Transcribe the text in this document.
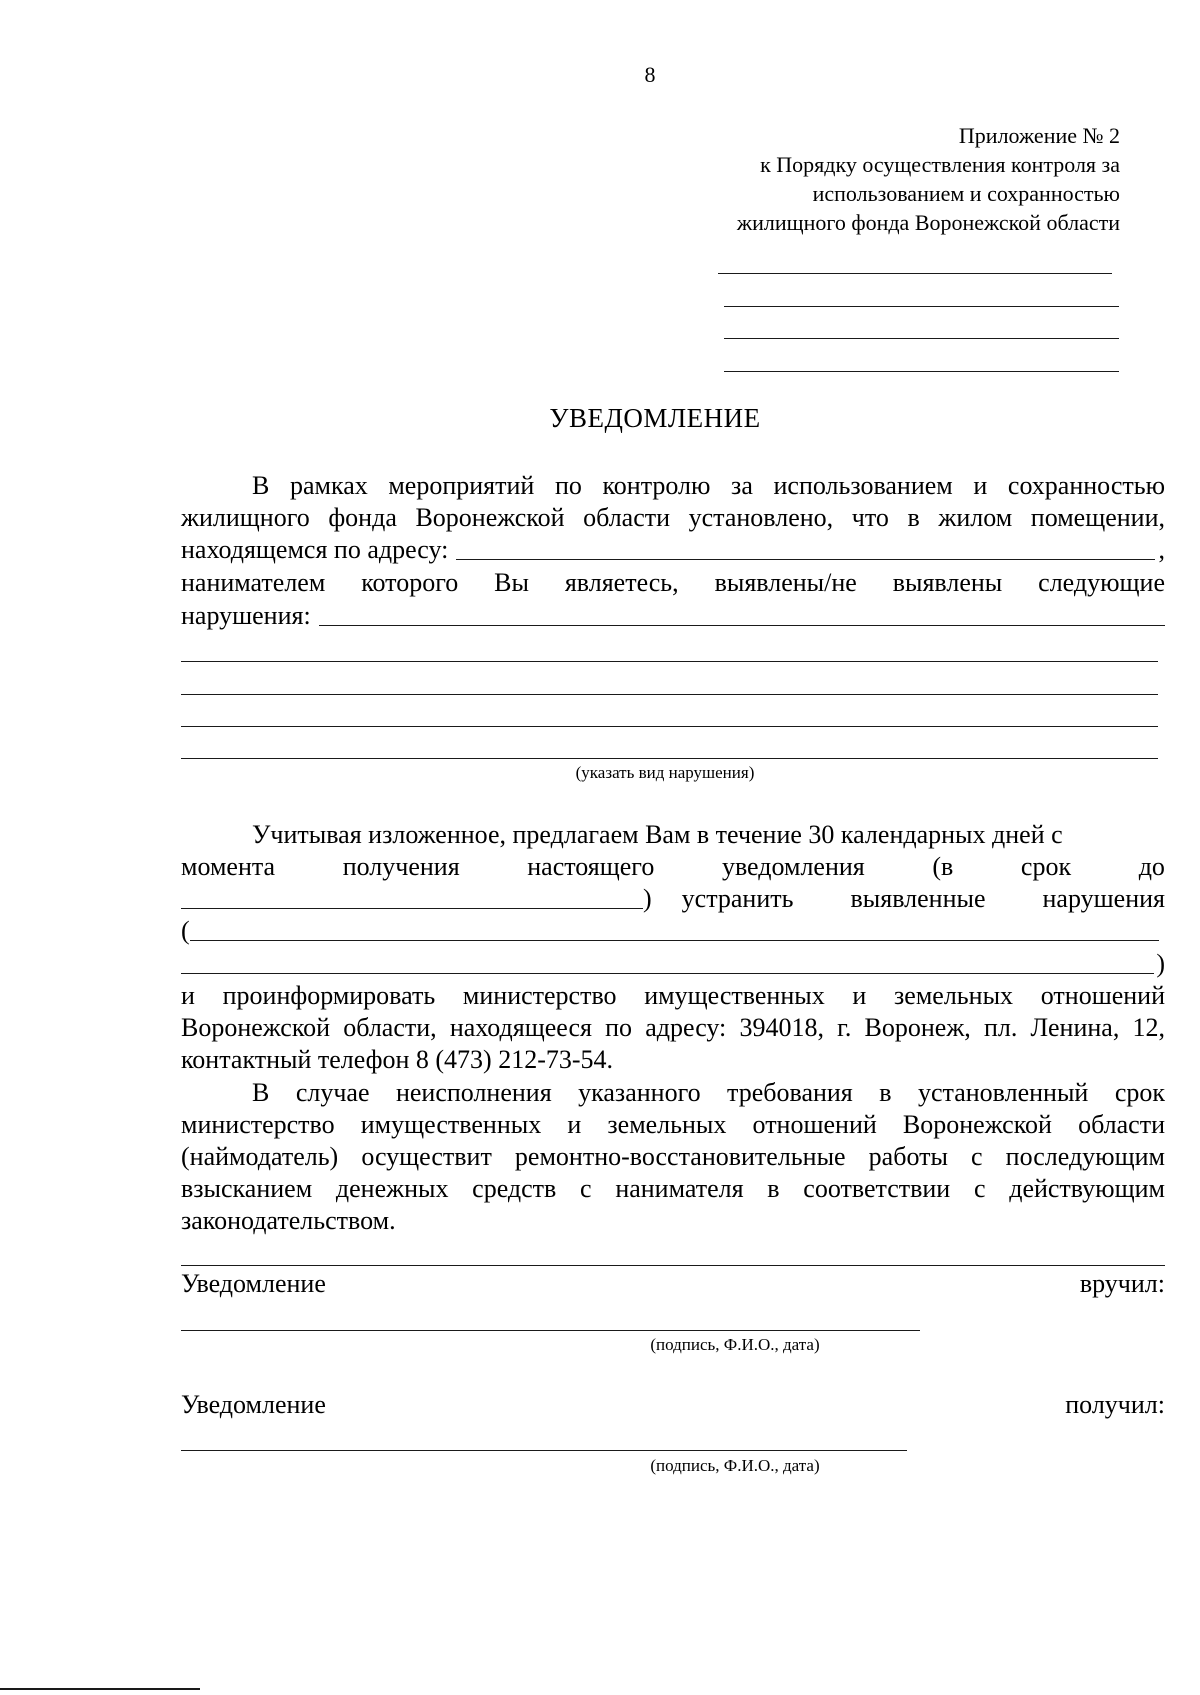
8
Приложение № 2
к Порядку осуществления контроля за
использованием и сохранностью
жилищного фонда Воронежской области
УВЕДОМЛЕНИЕ
В рамках мероприятий по контролю за использованием и сохранностью жилищного фонда Воронежской области установлено, что в жилом помещении,
находящемся по адресу:	,
нанимателем которого Вы являетесь, выявлены/не выявлены следующие
нарушения:
(указать вид нарушения)
Учитывая изложенное, предлагаем Вам в течение 30 календарных дней с
момента	получения	настоящего	уведомления	(в	срок	до
) устранить выявленные нарушения
(
)
и проинформировать министерство имущественных и земельных отношений Воронежской области, находящееся по адресу: 394018, г. Воронеж, пл. Ленина, 12, контактный телефон 8 (473) 212-73-54.
В случае неисполнения указанного требования в установленный срок министерство имущественных и земельных отношений Воронежской области (наймодатель) осуществит ремонтно-восстановительные работы с последующим взысканием денежных средств с нанимателя в соответствии с действующим законодательством.
Уведомление	вручил:
(подпись, Ф.И.О., дата)
Уведомление	получил:
(подпись, Ф.И.О., дата)
